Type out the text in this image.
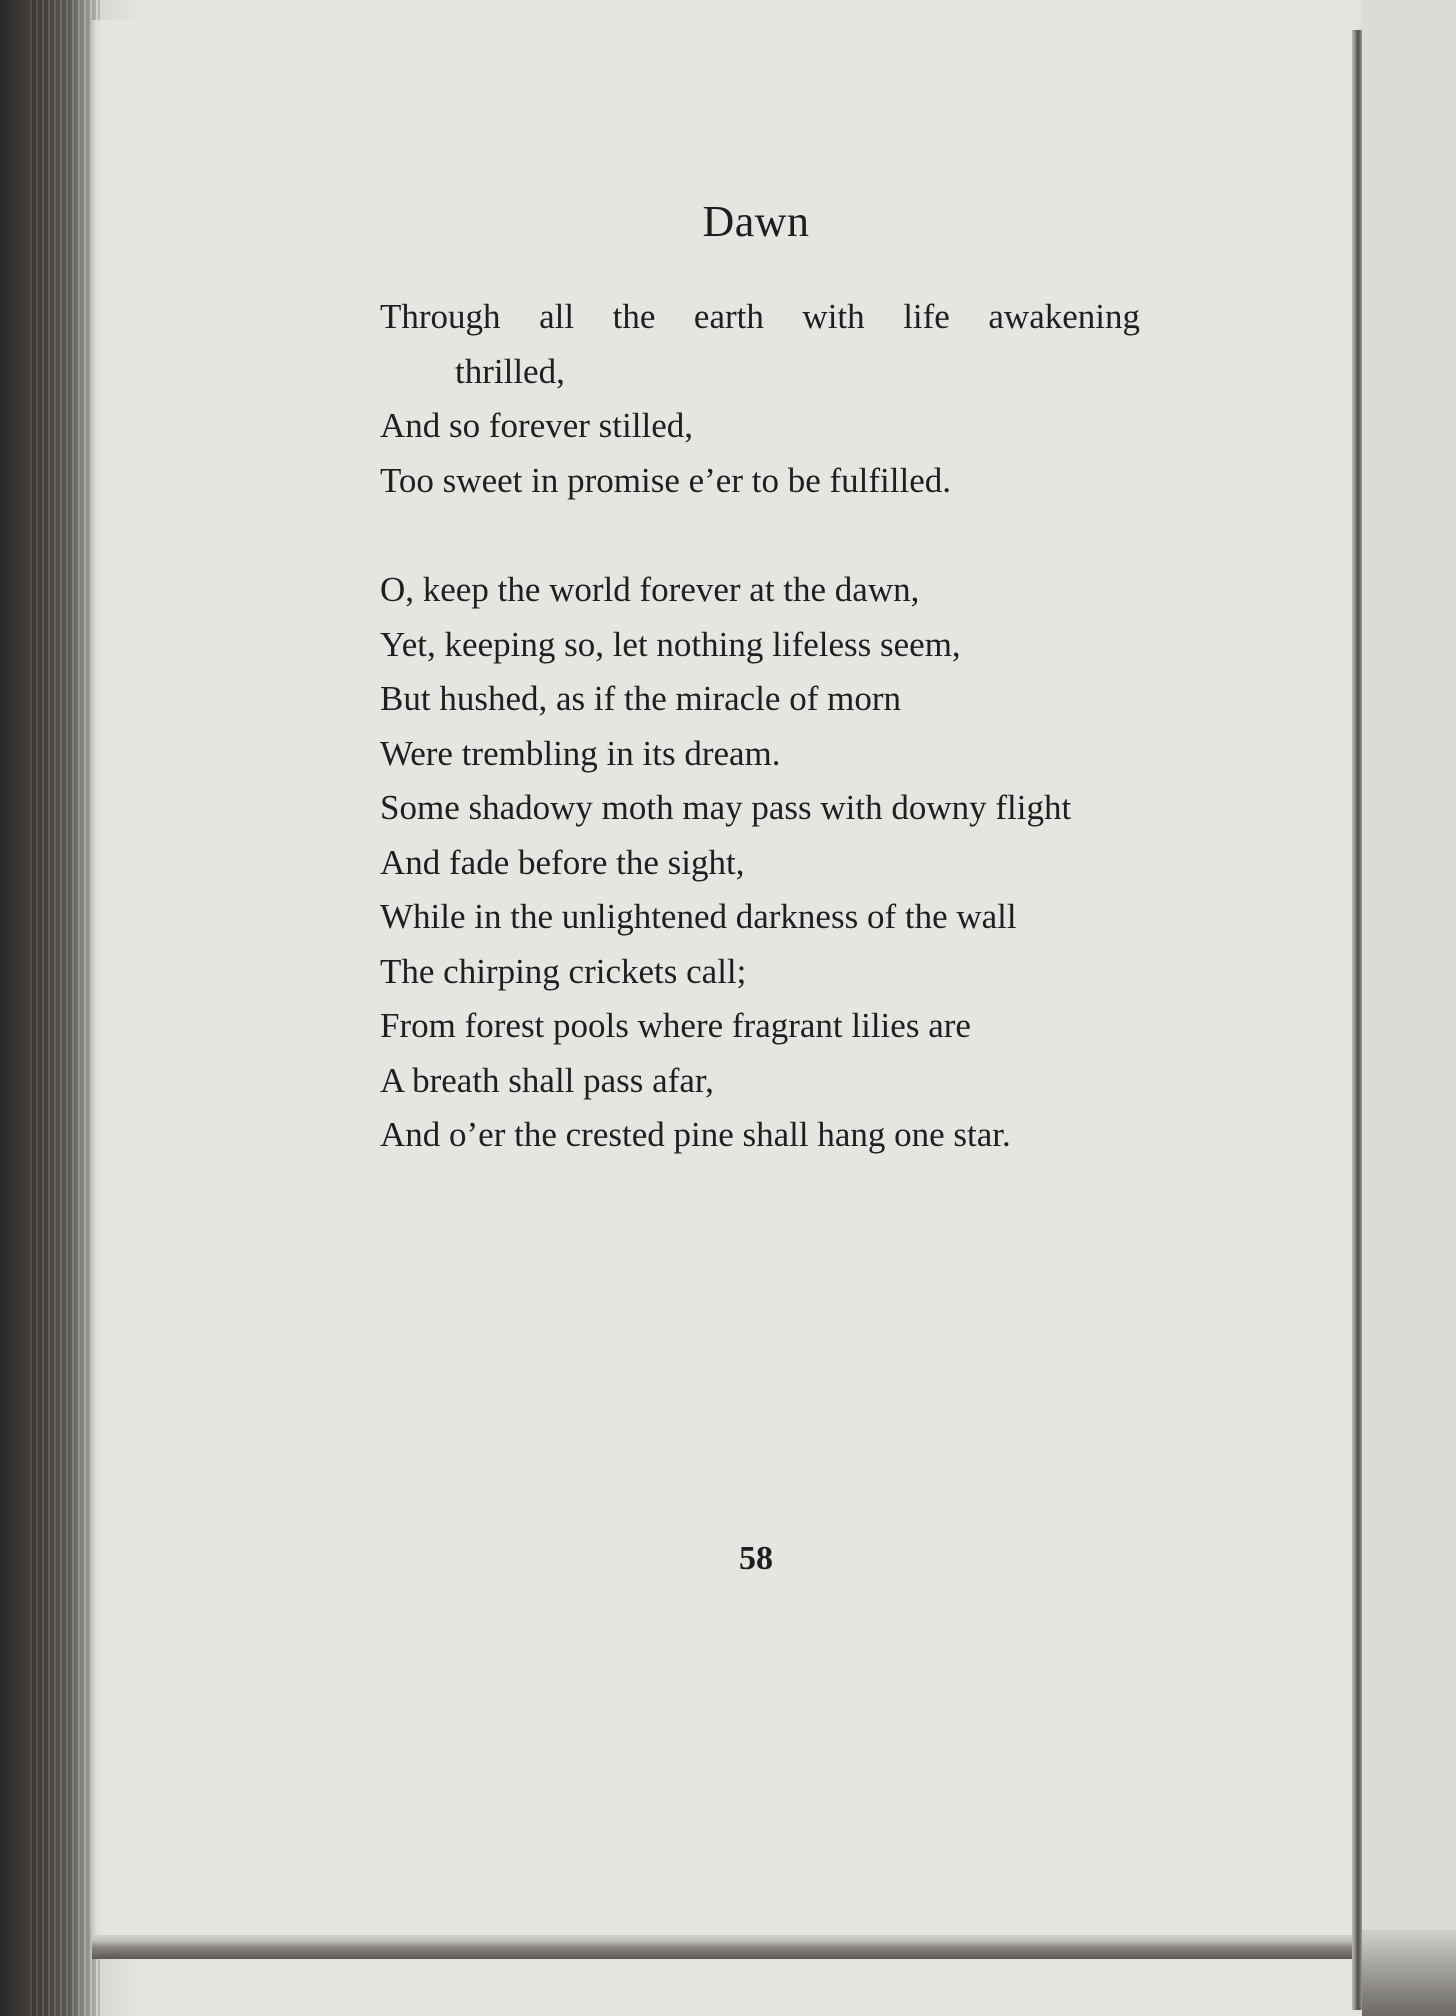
Dawn
Through all the earth with life awakening
thrilled,
And so forever stilled,
Too sweet in promise e’er to be fulfilled.
O, keep the world forever at the dawn,
Yet, keeping so, let nothing lifeless seem,
But hushed, as if the miracle of morn
Were trembling in its dream.
Some shadowy moth may pass with downy flight
And fade before the sight,
While in the unlightened darkness of the wall
The chirping crickets call;
From forest pools where fragrant lilies are
A breath shall pass afar,
And o’er the crested pine shall hang one star.
58
